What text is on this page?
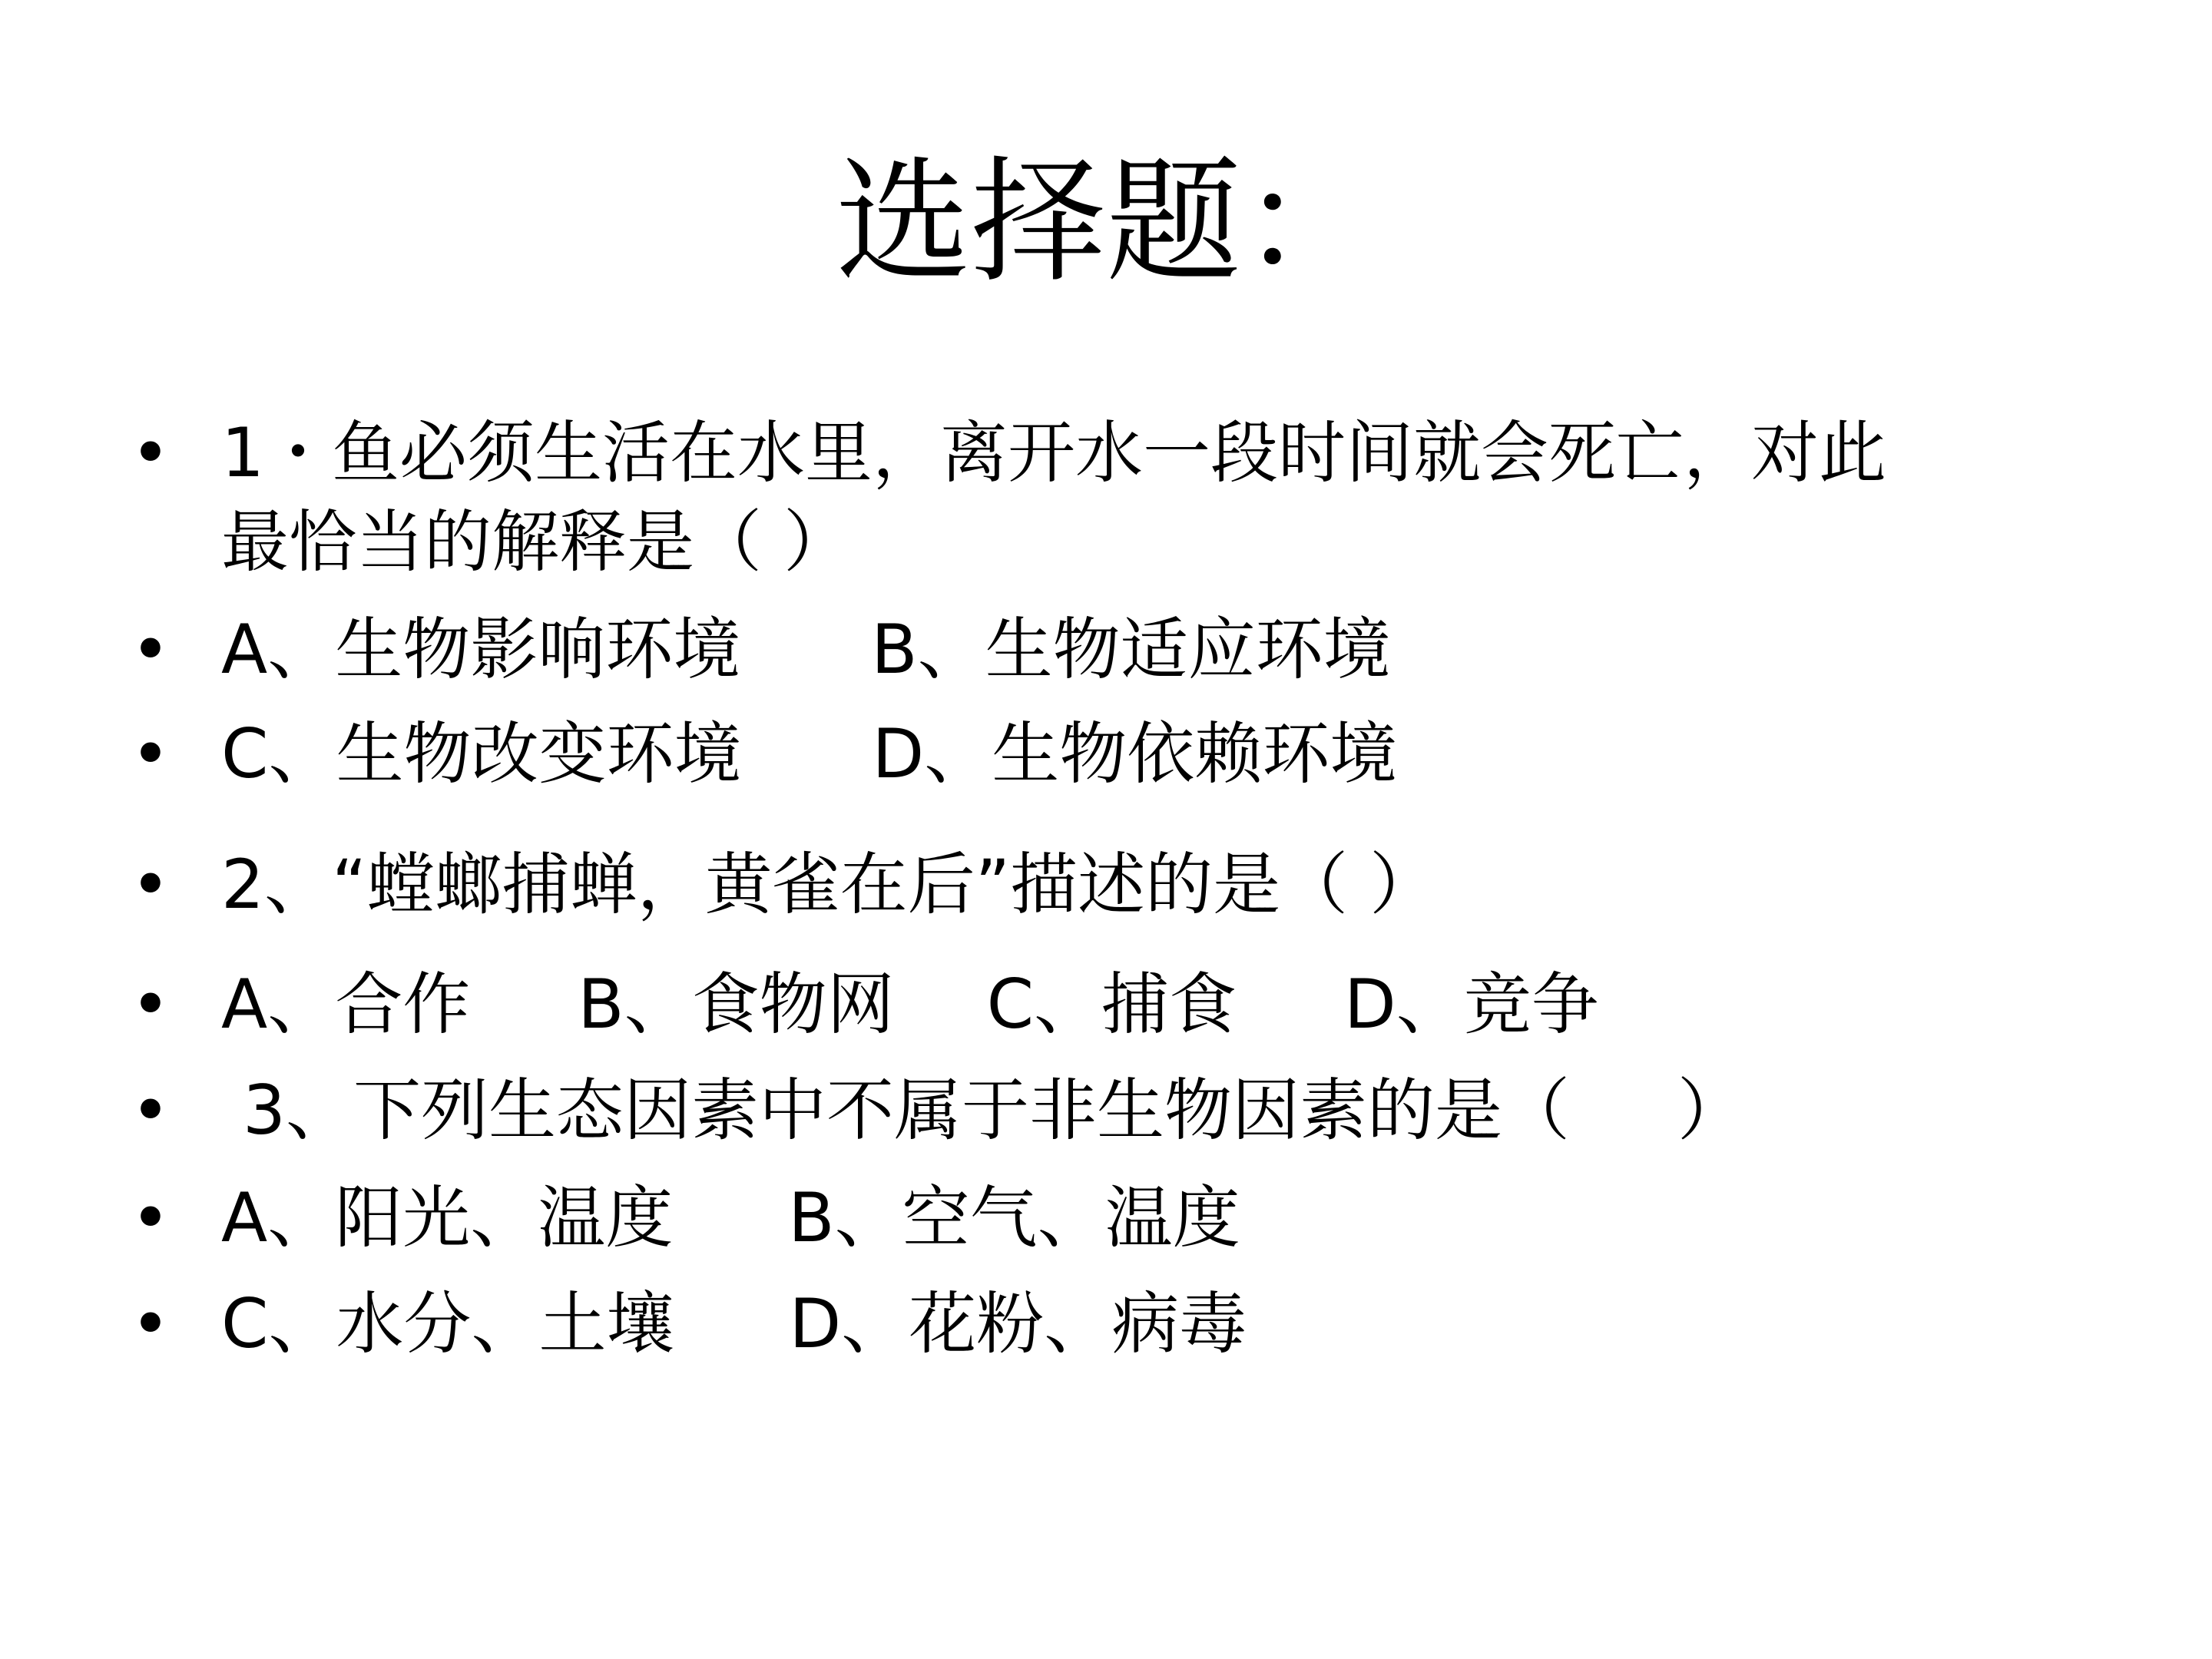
选择题：
• 1・鱼必须生活在水里，离开水一段时间就会死亡，对此
最恰当的解释是（ ）
• A、生物影响环境 B、生物适应环境
• C、生物改变环境 D、生物依赖环境
• 2、“螳螂捕蝉，黄雀在后”描述的是（ ）
• A、合作 B、食物网 C、捕食 D、竞争
• 3、下列生态因素中不属于非生物因素的是（     ）
• A、阳光、温度 B、空气、温度
• C、水分、土壤 D、花粉、病毒
